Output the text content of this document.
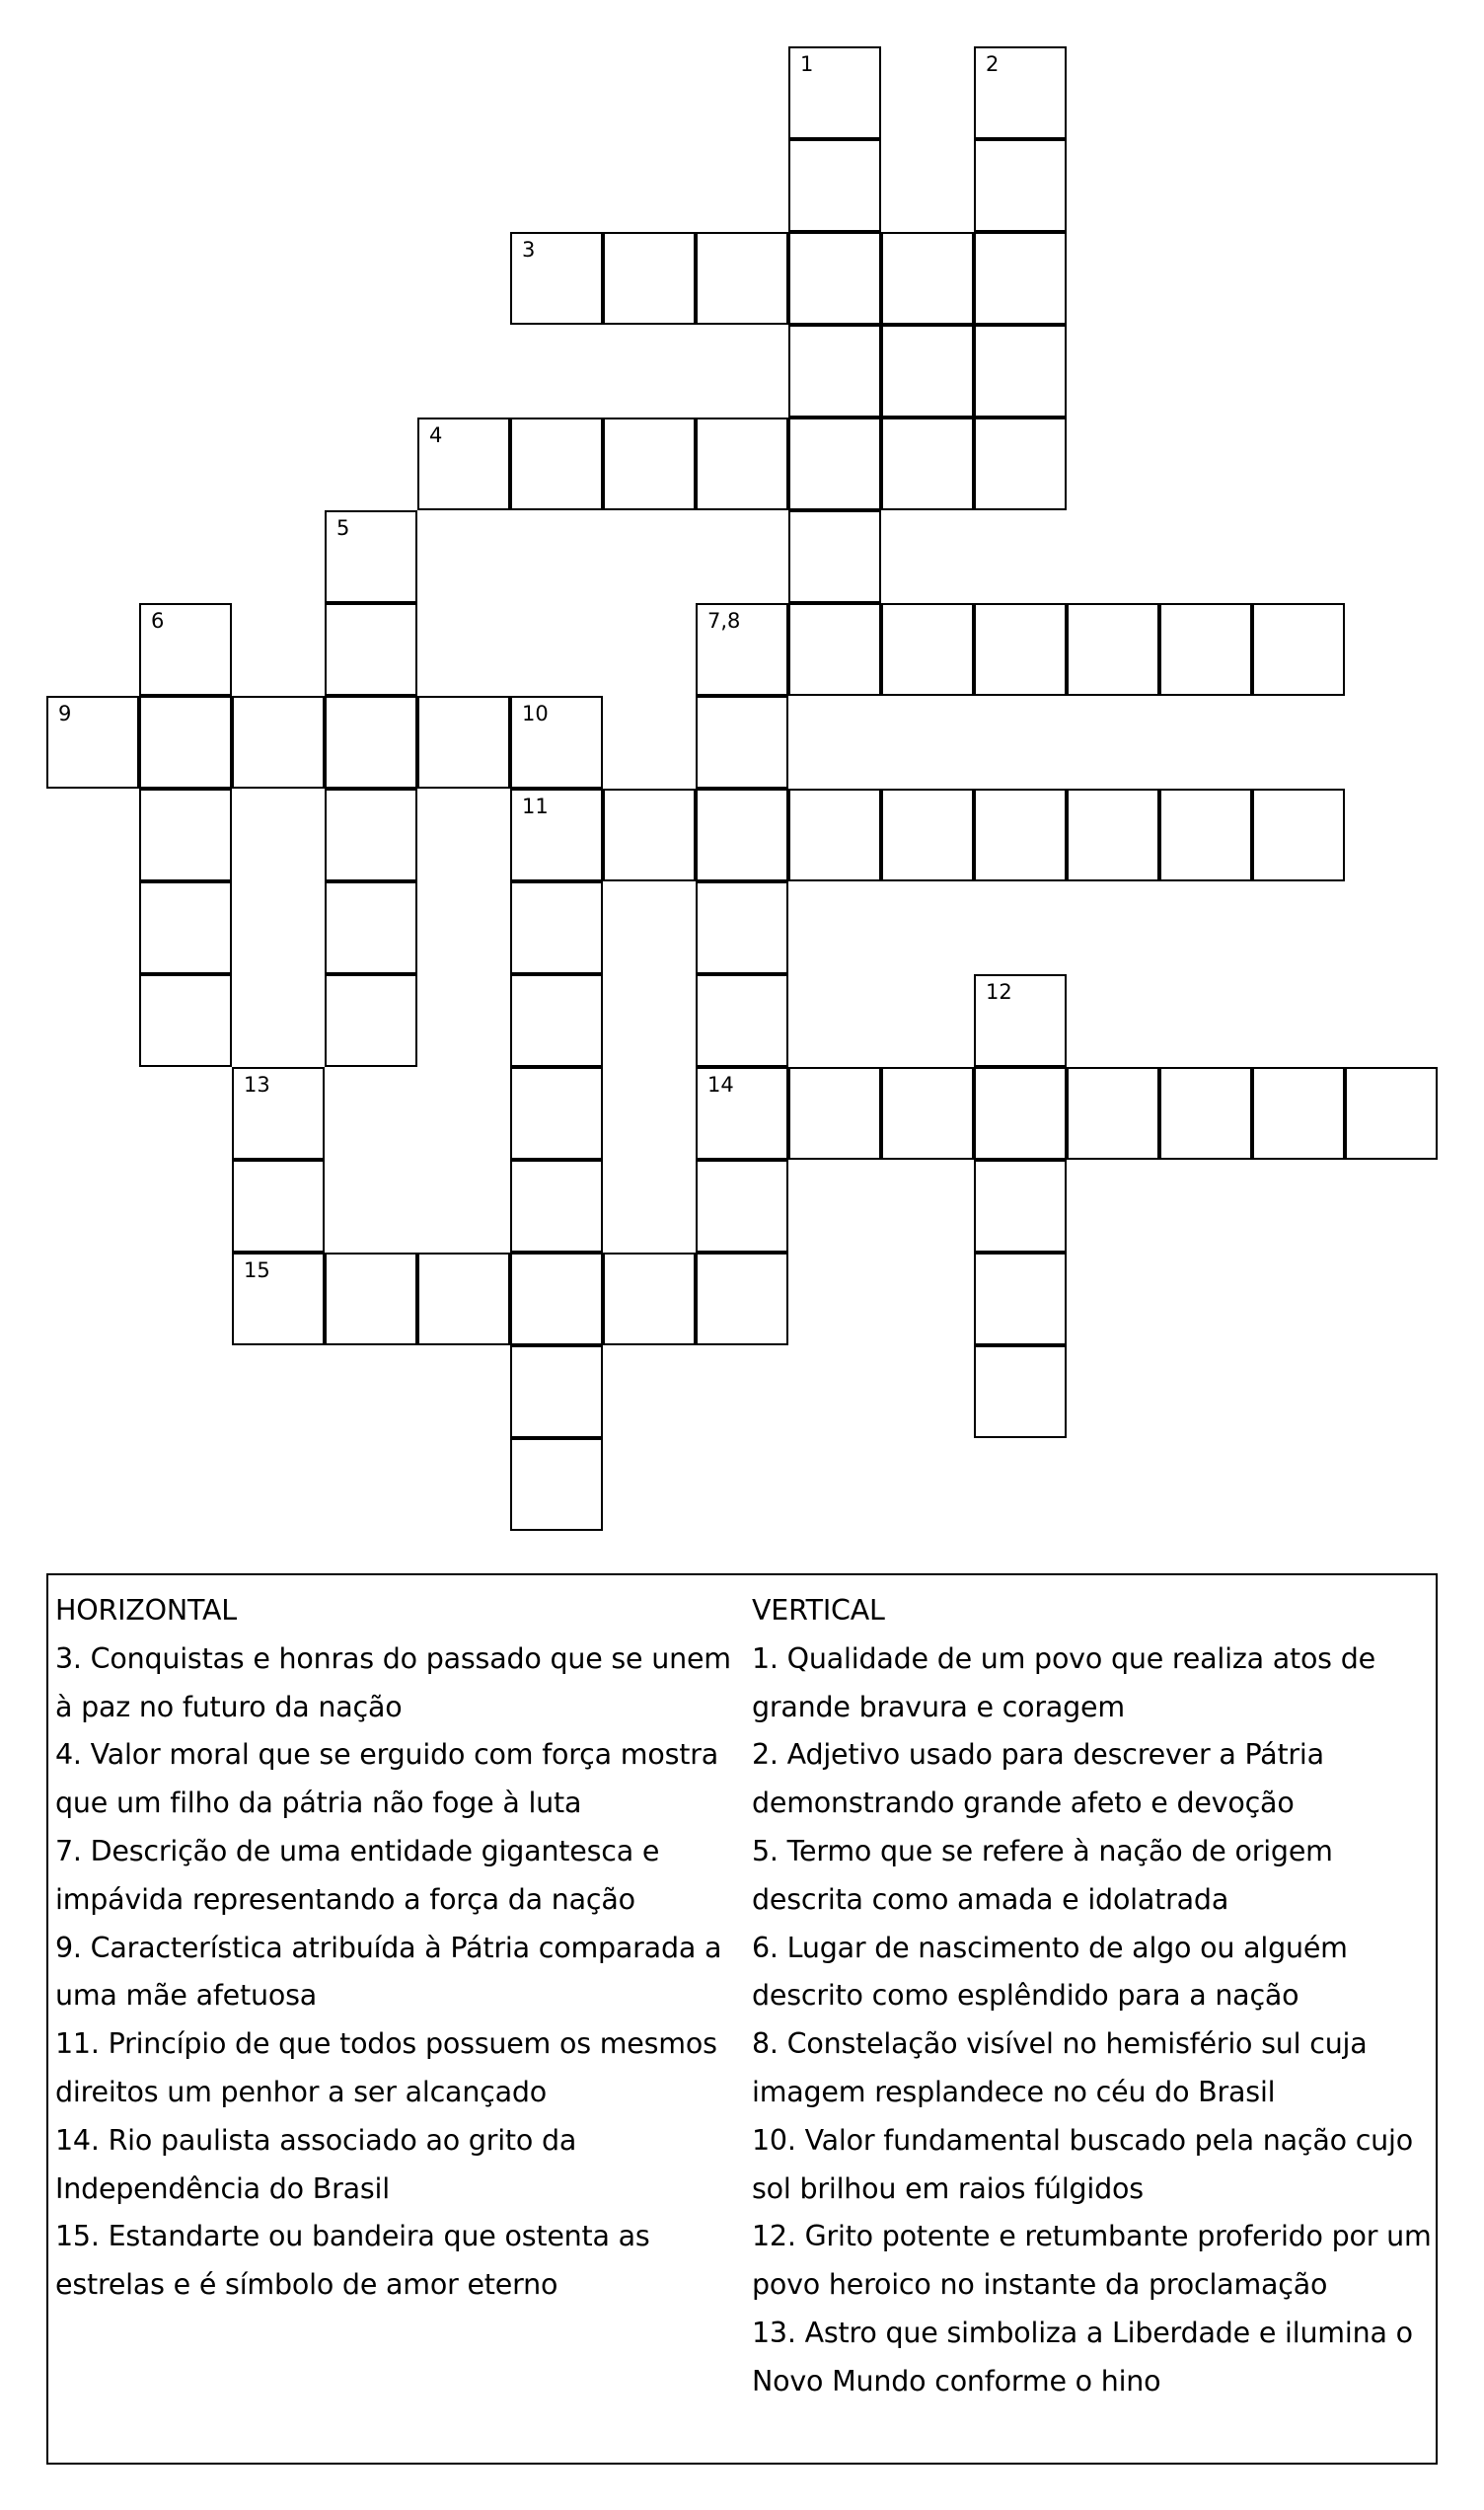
1	2
3
4
5
6	7,8
9	10
11
12
13	14
15

HORIZONTAL

3. Conquistas e honras do passado que se unem à paz no futuro da nação

4. Valor moral que se erguido com força mostra que um filho da pátria não foge à luta

7. Descrição de uma entidade gigantesca e impávida representando a força da nação

9. Característica atribuída à Pátria comparada a uma mãe afetuosa

11. Princípio de que todos possuem os mesmos direitos um penhor a ser alcançado

14. Rio paulista associado ao grito da Independência do Brasil

15. Estandarte ou bandeira que ostenta as estrelas e é símbolo de amor eterno

VERTICAL

1. Qualidade de um povo que realiza atos de grande bravura e coragem

2. Adjetivo usado para descrever a Pátria demonstrando grande afeto e devoção

5. Termo que se refere à nação de origem descrita como amada e idolatrada

6. Lugar de nascimento de algo ou alguém descrito como esplêndido para a nação

8. Constelação visível no hemisfério sul cuja imagem resplandece no céu do Brasil

10. Valor fundamental buscado pela nação cujo sol brilhou em raios fúlgidos

12. Grito potente e retumbante proferido por um povo heroico no instante da proclamação

13. Astro que simboliza a Liberdade e ilumina o Novo Mundo conforme o hino
